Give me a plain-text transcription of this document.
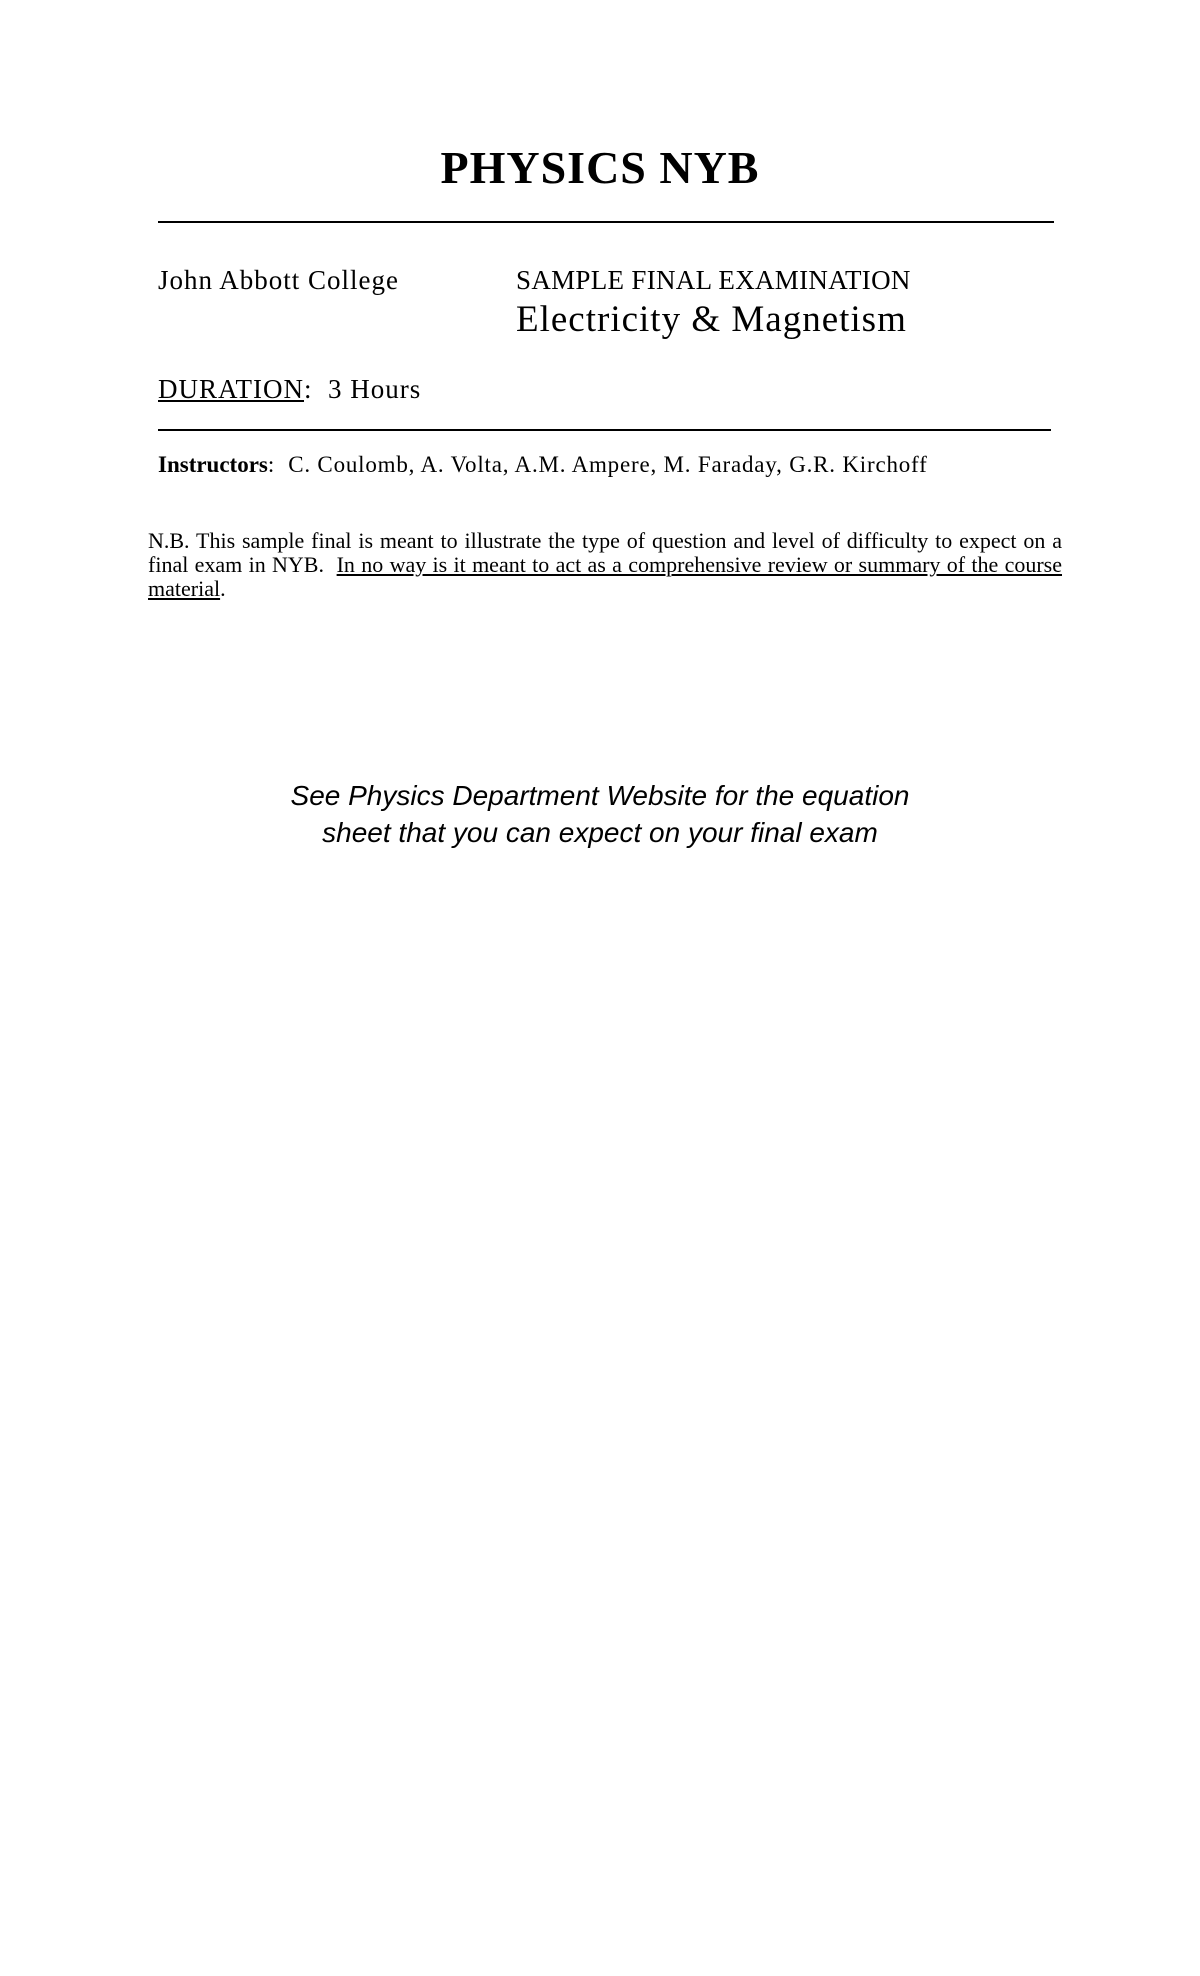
PHYSICS NYB
John Abbott College	SAMPLE FINAL EXAMINATION
Electricity & Magnetism
DURATION:  3 Hours
Instructors:  C. Coulomb, A. Volta, A.M. Ampere, M. Faraday, G.R. Kirchoff
N.B. This sample final is meant to illustrate the type of question and level of difficulty to expect on a final exam in NYB. In no way is it meant to act as a comprehensive review or summary of the course material.
See Physics Department Website for the equation
sheet that you can expect on your final exam
